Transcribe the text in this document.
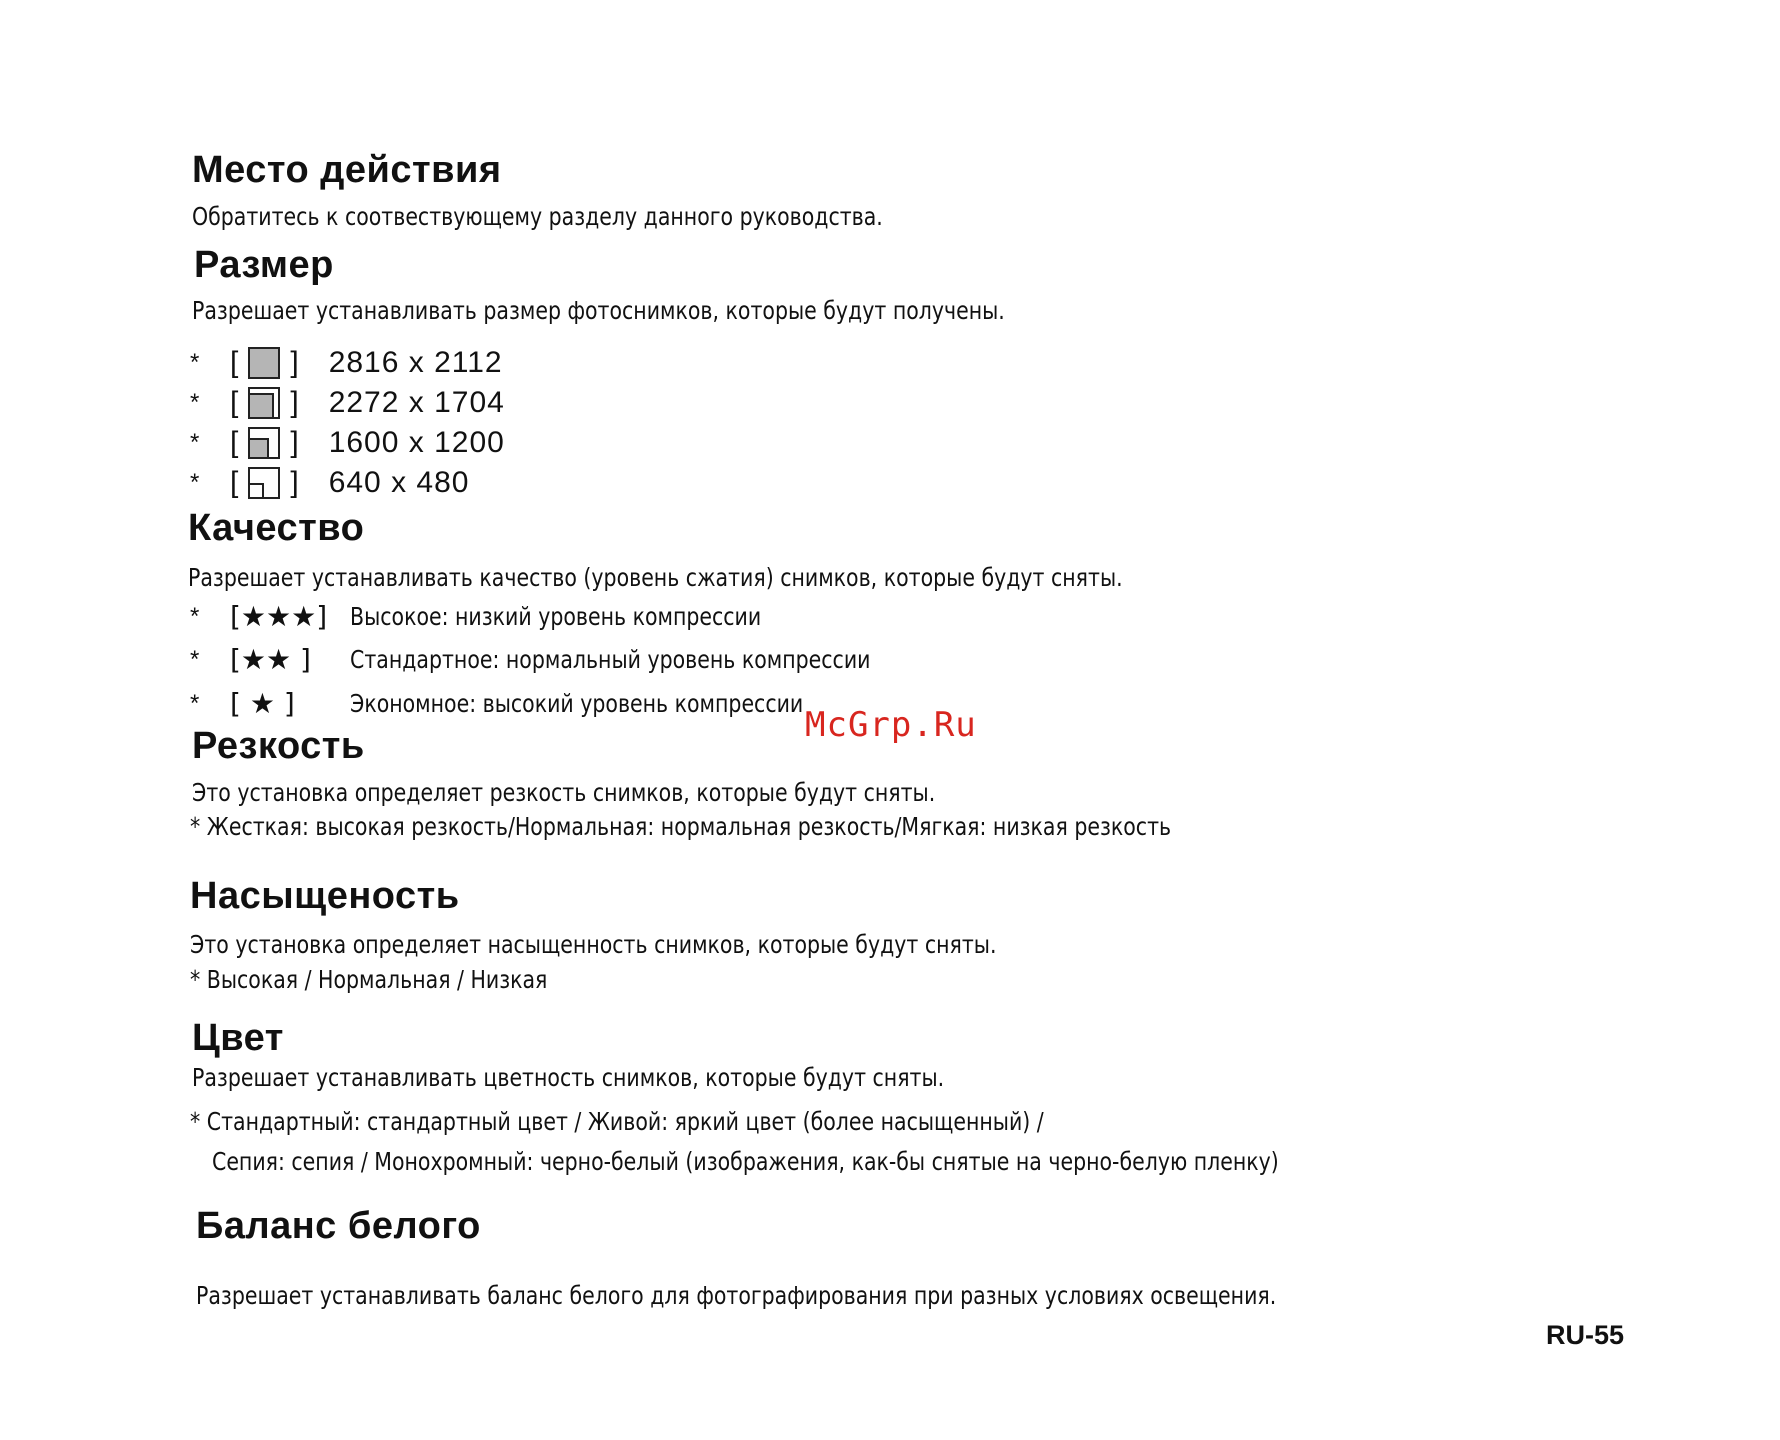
Место действия

Обратитесь к соотвествующему разделу данного руководства.

Размер

Разрешает устанавливать размер фотоснимков, которые будут получены.

*	[ ] 2816 x 2112
*	[ ] 2272 x 1704
*	[ ] 1600 x 1200
*	[ ] 640 x 480
Качество

Разрешает устанавливать качество (уровень сжатия) снимков, которые будут сняты.

*	[★★★] Высокое: низкий уровень компрессии
*	[★★ ]	Стандартное: нормальный уровень компрессии
*	[ ★ ]	Экономное: высокий уровень компрессии
Резкость

Это установка определяет резкость снимков, которые будут сняты.

* Жесткая: высокая резкость/Нормальная: нормальная резкость/Мягкая: низкая резкость

Насыщеность

Это установка определяет насыщенность снимков, которые будут сняты.

* Высокая / Нормальная / Низкая

Цвет

Разрешает устанавливать цветность снимков, которые будут сняты.

* Стандартный: стандартный цвет / Живой: яркий цвет (более насыщенный) /

Сепия: сепия / Монохромный: черно-белый (изображения, как-бы снятые на черно-белую пленку)

Баланс белого

Разрешает устанавливать баланс белого для фотографирования при разных условиях освещения.

McGrp.Ru
RU-55
